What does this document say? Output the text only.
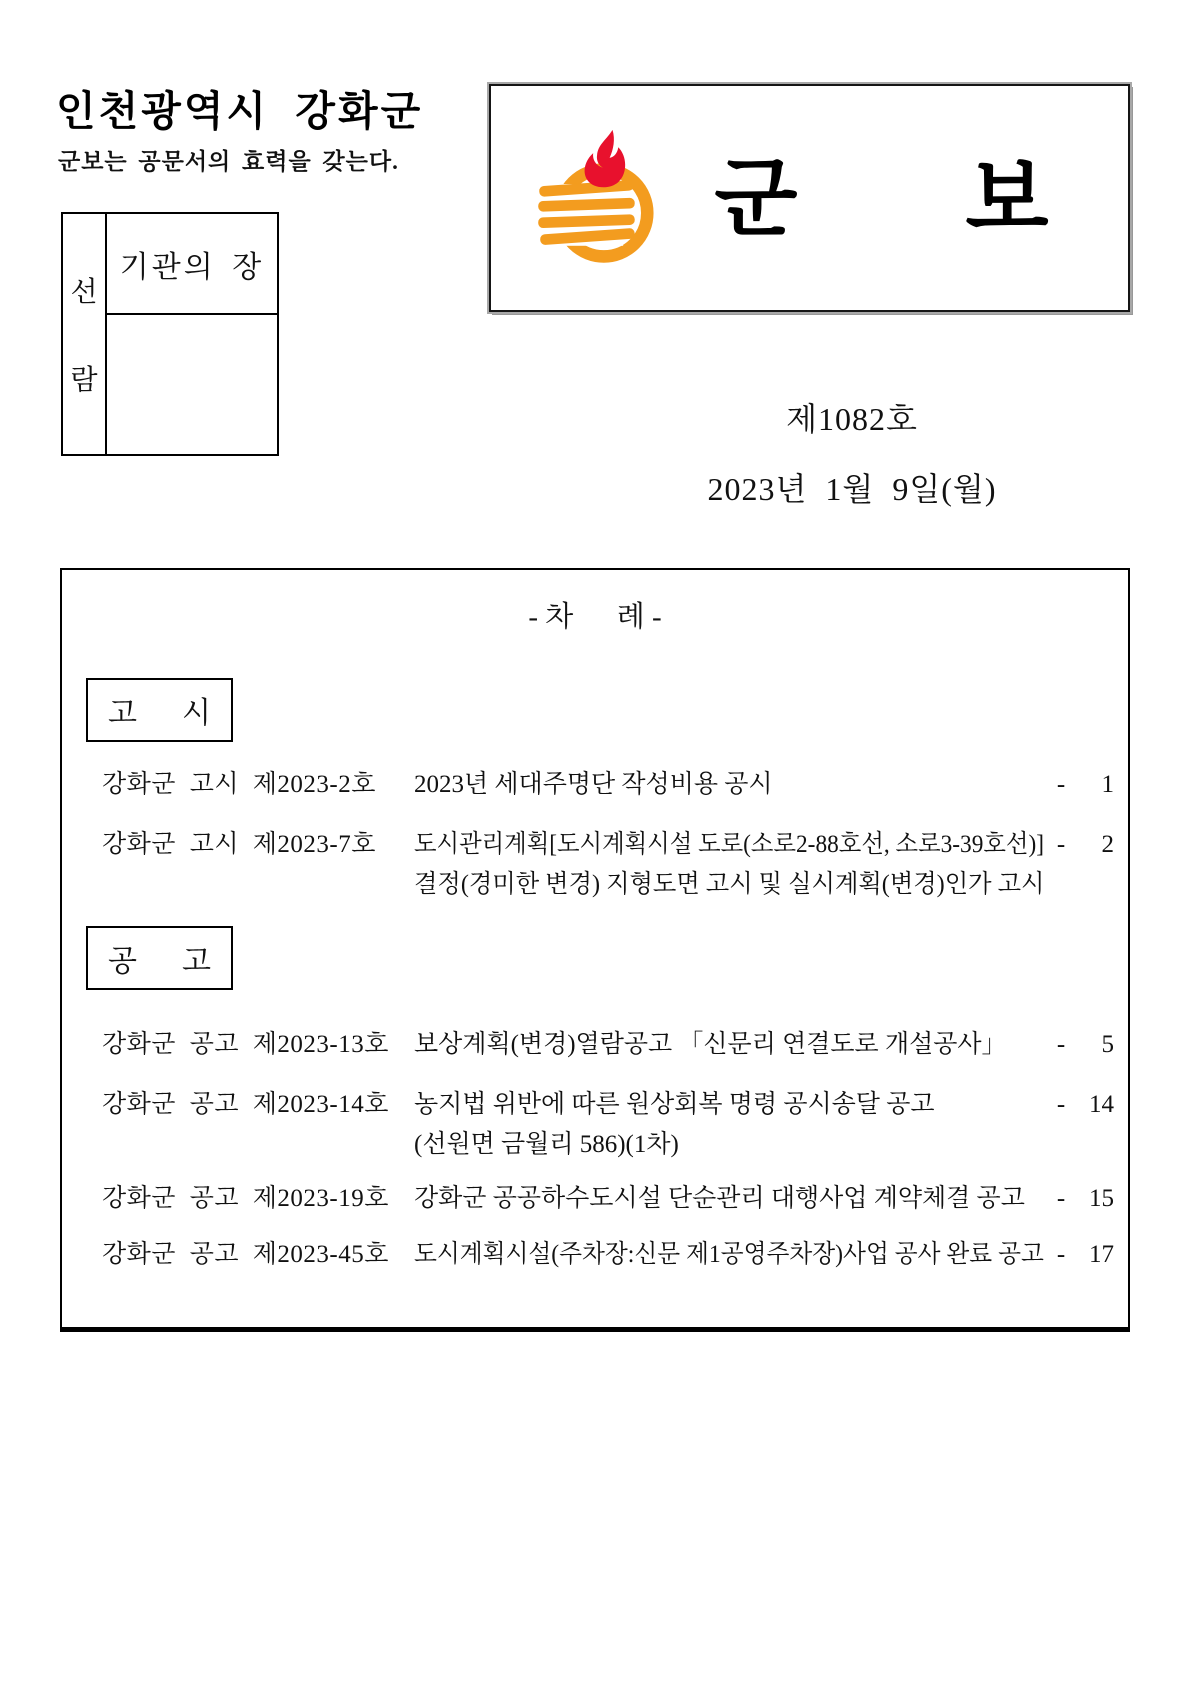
인천광역시 강화군
군보는 공문서의 효력을 갖는다.
선
람
기관의 장
군 보
제1082호
2023년 1월 9일(월)
- 차      례 -
고      시
강화군 고시 제2023-2호	2023년 세대주명단 작성비용 공시	-	1
강화군 고시 제2023-7호	도시관리계획[도시계획시설 도로(소로2-88호선, 소로3-39호선)]
결정(경미한 변경) 지형도면 고시 및 실시계획(변경)인가 고시
-	2
공      고
강화군 공고 제2023-13호	보상계획(변경)열람공고 「신문리 연결도로 개설공사」	-	5
강화군 공고 제2023-14호	농지법 위반에 따른 원상회복 명령 공시송달 공고
(선원면 금월리 586)(1차)
- 14
강화군 공고 제2023-19호	강화군 공공하수도시설 단순관리 대행사업 계약체결 공고	- 15
강화군 공고 제2023-45호	도시계획시설(주차장:신문 제1공영주차장)사업 공사 완료 공고 - 17
